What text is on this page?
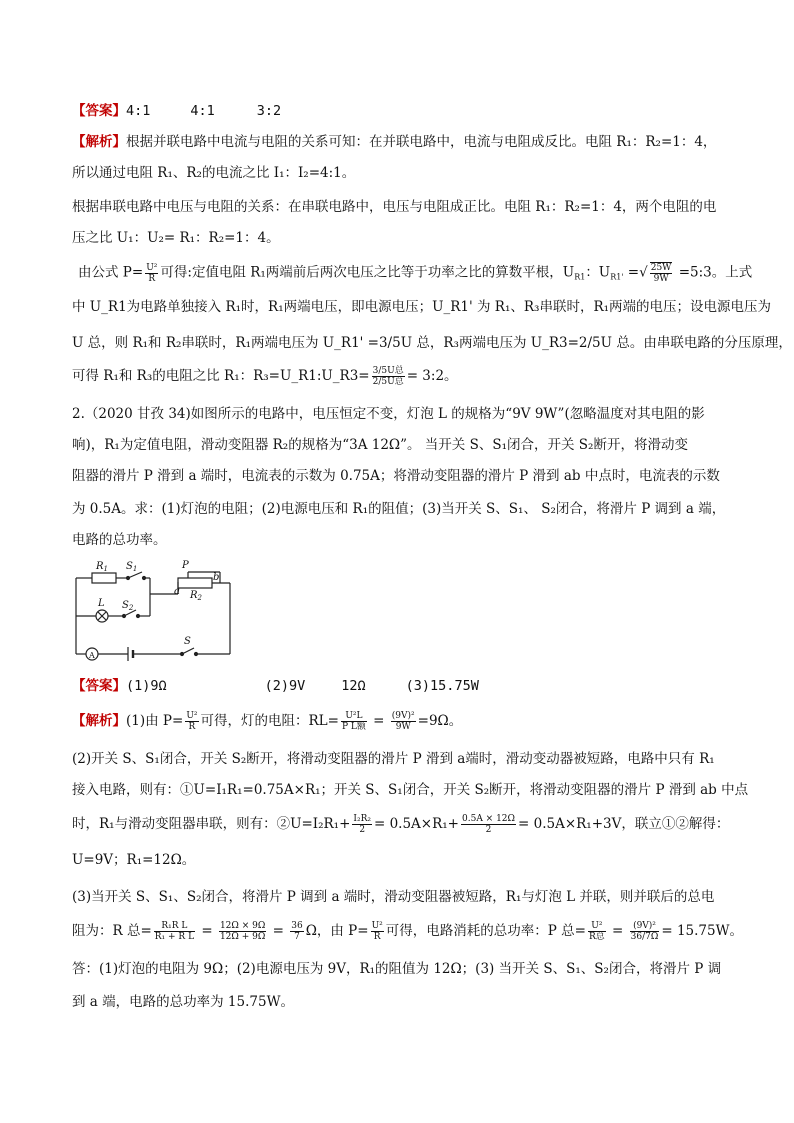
【答案】4:1	4:1	3:2
【解析】根据并联电路中电流与电阻的关系可知：在并联电路中，电流与电阻成反比。电阻 R₁：R₂=1：4，
所以通过电阻 R₁、R₂的电流之比 I₁：I₂=4:1。
根据串联电路中电压与电阻的关系：在串联电路中，电压与电阻成正比。电阻 R₁：R₂=1：4，两个电阻的电
压之比 U₁：U₂= R₁：R₂=1：4。
由公式 $P= \frac{\text{U²}}{R}$ 可得:定值电阻 R₁两端前后两次电压之比等于功率之比的算数平根，$U_{R1}$：$U_{R1'}$ =√ $\frac{25W}{9W}$ =5:3。上式
中 U_R1为电路单独接入 R₁时，R₁两端电压，即电源电压；U_R1' 为 R₁、R₃串联时，R₁两端的电压；设电源电压为
U 总，则 R₁和 R₂串联时，R₁两端电压为 U_R1' =3/5U 总，R₃两端电压为 U_R3=2/5U 总。由串联电路的分压原理，
可得 R₁和 R₃的电阻之比 R₁：R₃=U_R1:U_R3= $\frac{\text{3/5U总}}{\text{2/5U总}}$ = 3:2。
2.（2020 甘孜 34)如图所示的电路中，电压恒定不变，灯泡 L 的规格为“9V 9W”(忽略温度对其电阻的影
响)，R₁为定值电阻，滑动变阻器 R₂的规格为“3A 12Ω”。 当开关 S、S₁闭合，开关 S₂断开，将滑动变
阻器的滑片 P 滑到 a 端时，电流表的示数为 0.75A；将滑动变阻器的滑片 P 滑到 ab 中点时，电流表的示数
为 0.5A。求：(1)灯泡的电阻；(2)电源电压和 R₁的阻值；(3)当开关 S、S₁、 S₂闭合，将滑片 P 调到 a 端，
电路的总功率。
$R_1$ $S_1$	P
a $R_2$
b
L $S_2$
A
S
【答案】(1)9Ω	(2)9V	12Ω	(3)15.75W
【解析】(1)由 $P= \frac{\text{U²}}{R}$ 可得，灯的电阻：$RL= \frac{\text{U²L}}{\text{P L额}} = \frac{\text{(9V)²}}{9W} =9\Omega$。
(2)开关 S、S₁闭合，开关 S₂断开，将滑动变阻器的滑片 P 滑到 a端时，滑动变动器被短路，电路中只有 R₁
接入电路，则有：①U=I₁R₁=0.75A×R₁；开关 S、S₁闭合，开关 S₂断开，将滑动变阻器的滑片 P 滑到 ab 中点
时，R₁与滑动变阻器串联，则有：②U=I₂R₁+ $\frac{\text{I₂R₂}}{2} = 0.5A\times R_1+ \frac{0.5A \times 12\Omega}{2} = 0.5A\times R_1+3V$，联立①②解得：
U=9V；R₁=12Ω。
(3)当开关 S、S₁、S₂闭合，将滑片 P 调到 a 端时，滑动变阻器被短路，R₁与灯泡 L 并联，则并联后的总电
阻为：R 总= $\frac{\text{R₁R L}}{\text{R₁ + R L}} = \frac{12\Omega \times 9\Omega}{12\Omega + 9\Omega} = \frac{36}{7}$ Ω，由 $P= \frac{\text{U²}}{R}$ 可得，电路消耗的总功率：P 总= $\frac{\text{U²}}{\text{R总}} = \frac{\text{(9V)²}}{36/7\Omega} = 15.75W$。
答：(1)灯泡的电阻为 9Ω；(2)电源电压为 9V，R₁的阻值为 12Ω；(3) 当开关 S、S₁、S₂闭合，将滑片 P 调
到 a 端，电路的总功率为 15.75W。
